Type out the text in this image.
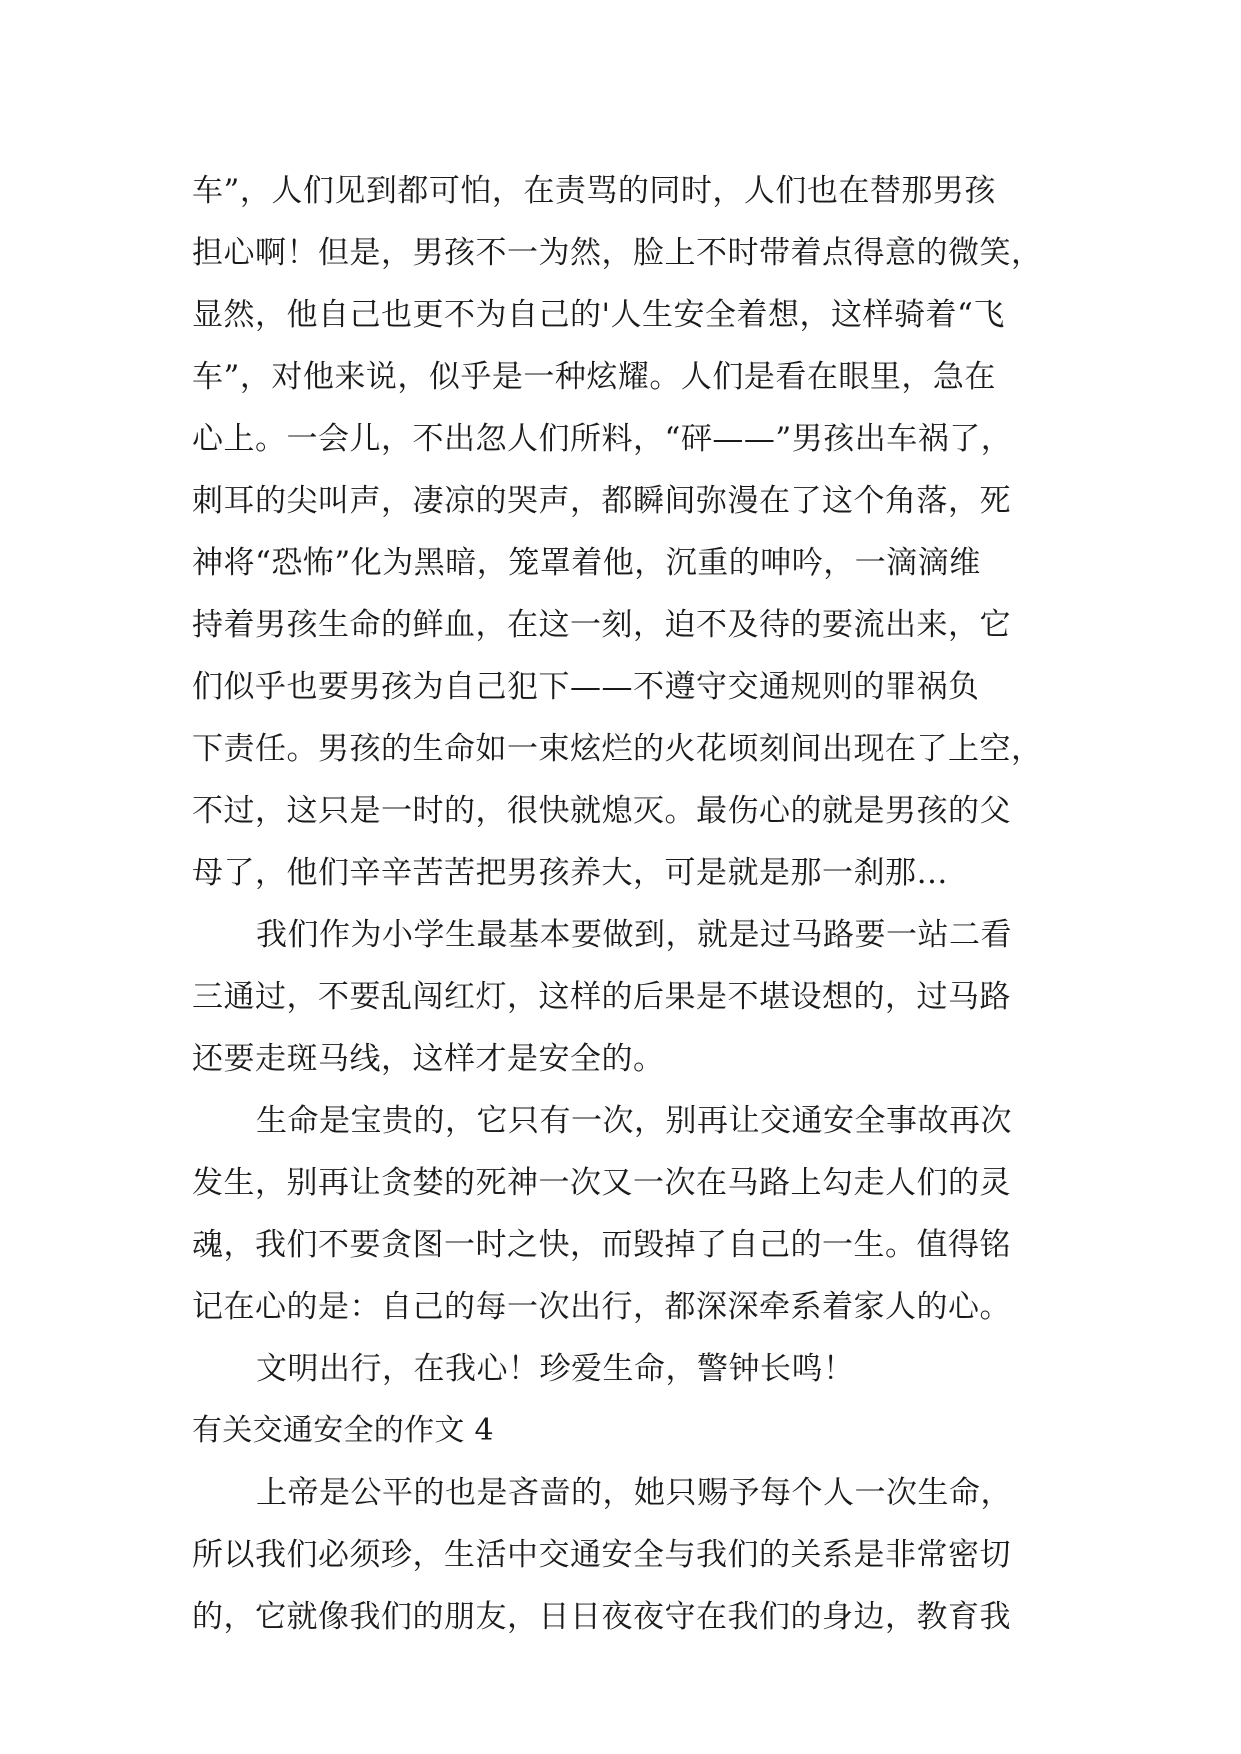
车”，人们见到都可怕，在责骂的同时，人们也在替那男孩
担心啊！但是，男孩不一为然，脸上不时带着点得意的微笑，
显然，他自己也更不为自己的'人生安全着想，这样骑着“飞
车”，对他来说，似乎是一种炫耀。人们是看在眼里，急在
心上。一会儿，不出忽人们所料，“砰——”男孩出车祸了，
刺耳的尖叫声，凄凉的哭声，都瞬间弥漫在了这个角落，死
神将“恐怖”化为黑暗，笼罩着他，沉重的呻吟，一滴滴维
持着男孩生命的鲜血，在这一刻，迫不及待的要流出来，它
们似乎也要男孩为自己犯下——不遵守交通规则的罪祸负
下责任。男孩的生命如一束炫烂的火花顷刻间出现在了上空，
不过，这只是一时的，很快就熄灭。最伤心的就是男孩的父
母了，他们辛辛苦苦把男孩养大，可是就是那一刹那…
我们作为小学生最基本要做到，就是过马路要一站二看
三通过，不要乱闯红灯，这样的后果是不堪设想的，过马路
还要走斑马线，这样才是安全的。
生命是宝贵的，它只有一次，别再让交通安全事故再次
发生，别再让贪婪的死神一次又一次在马路上勾走人们的灵
魂，我们不要贪图一时之快，而毁掉了自己的一生。值得铭
记在心的是：自己的每一次出行，都深深牵系着家人的心。
文明出行，在我心！珍爱生命，警钟长鸣！
有关交通安全的作文 4
上帝是公平的也是吝啬的，她只赐予每个人一次生命，
所以我们必须珍，生活中交通安全与我们的关系是非常密切
的，它就像我们的朋友，日日夜夜守在我们的身边，教育我
